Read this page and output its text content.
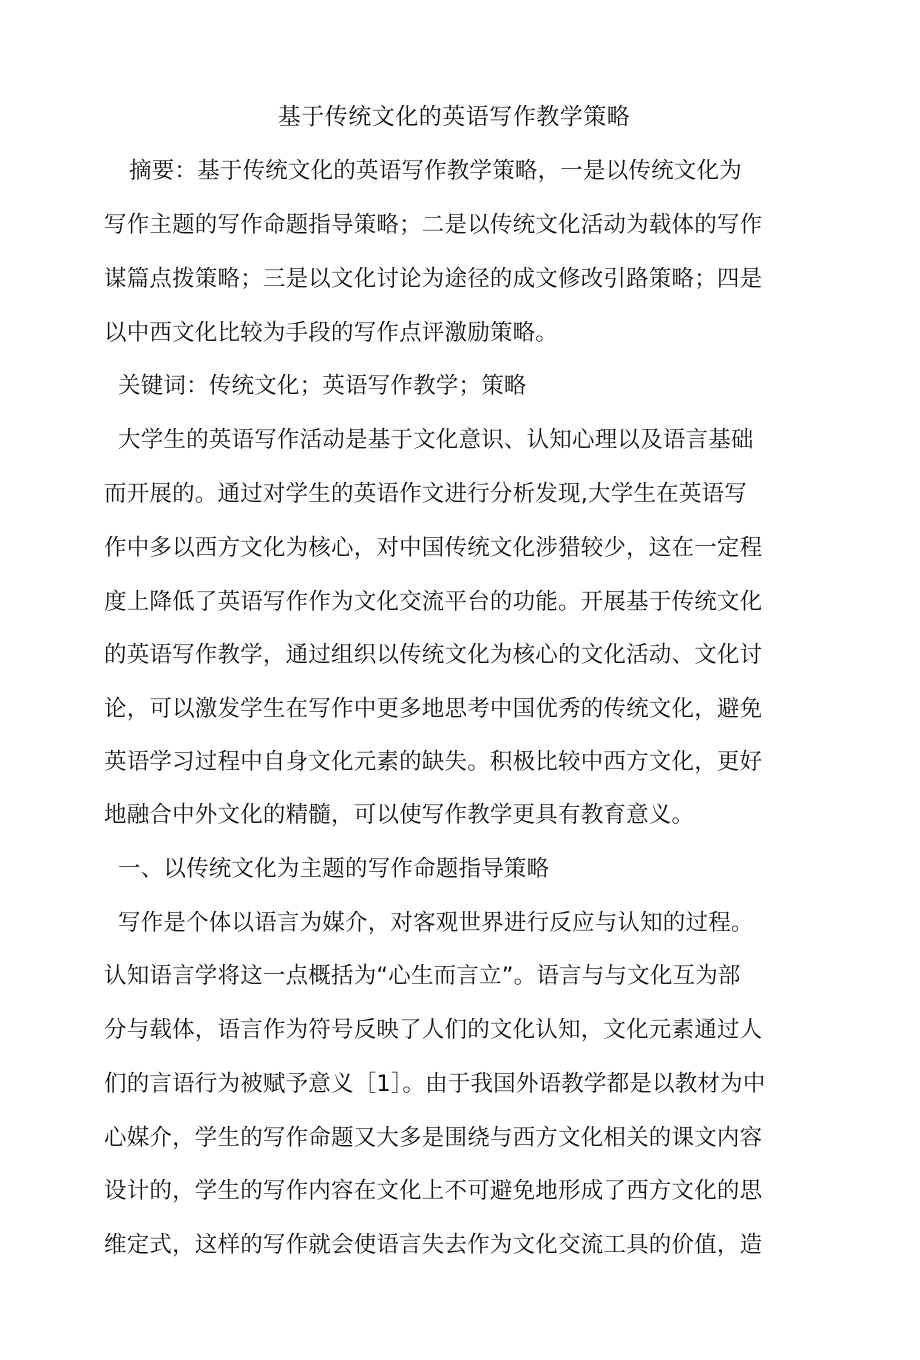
基于传统文化的英语写作教学策略
摘要：基于传统文化的英语写作教学策略，一是以传统文化为
写作主题的写作命题指导策略；二是以传统文化活动为载体的写作
谋篇点拨策略；三是以文化讨论为途径的成文修改引路策略；四是
以中西文化比较为手段的写作点评激励策略。
关键词：传统文化；英语写作教学；策略
大学生的英语写作活动是基于文化意识、认知心理以及语言基础
而开展的。通过对学生的英语作文进行分析发现,大学生在英语写
作中多以西方文化为核心，对中国传统文化涉猎较少，这在一定程
度上降低了英语写作作为文化交流平台的功能。开展基于传统文化
的英语写作教学，通过组织以传统文化为核心的文化活动、文化讨
论，可以激发学生在写作中更多地思考中国优秀的传统文化，避免
英语学习过程中自身文化元素的缺失。积极比较中西方文化，更好
地融合中外文化的精髓，可以使写作教学更具有教育意义。
一、以传统文化为主题的写作命题指导策略
写作是个体以语言为媒介，对客观世界进行反应与认知的过程。
认知语言学将这一点概括为“心生而言立”。语言与与文化互为部
分与载体，语言作为符号反映了人们的文化认知，文化元素通过人
们的言语行为被赋予意义［1］。由于我国外语教学都是以教材为中
心媒介，学生的写作命题又大多是围绕与西方文化相关的课文内容
设计的，学生的写作内容在文化上不可避免地形成了西方文化的思
维定式，这样的写作就会使语言失去作为文化交流工具的价值，造
